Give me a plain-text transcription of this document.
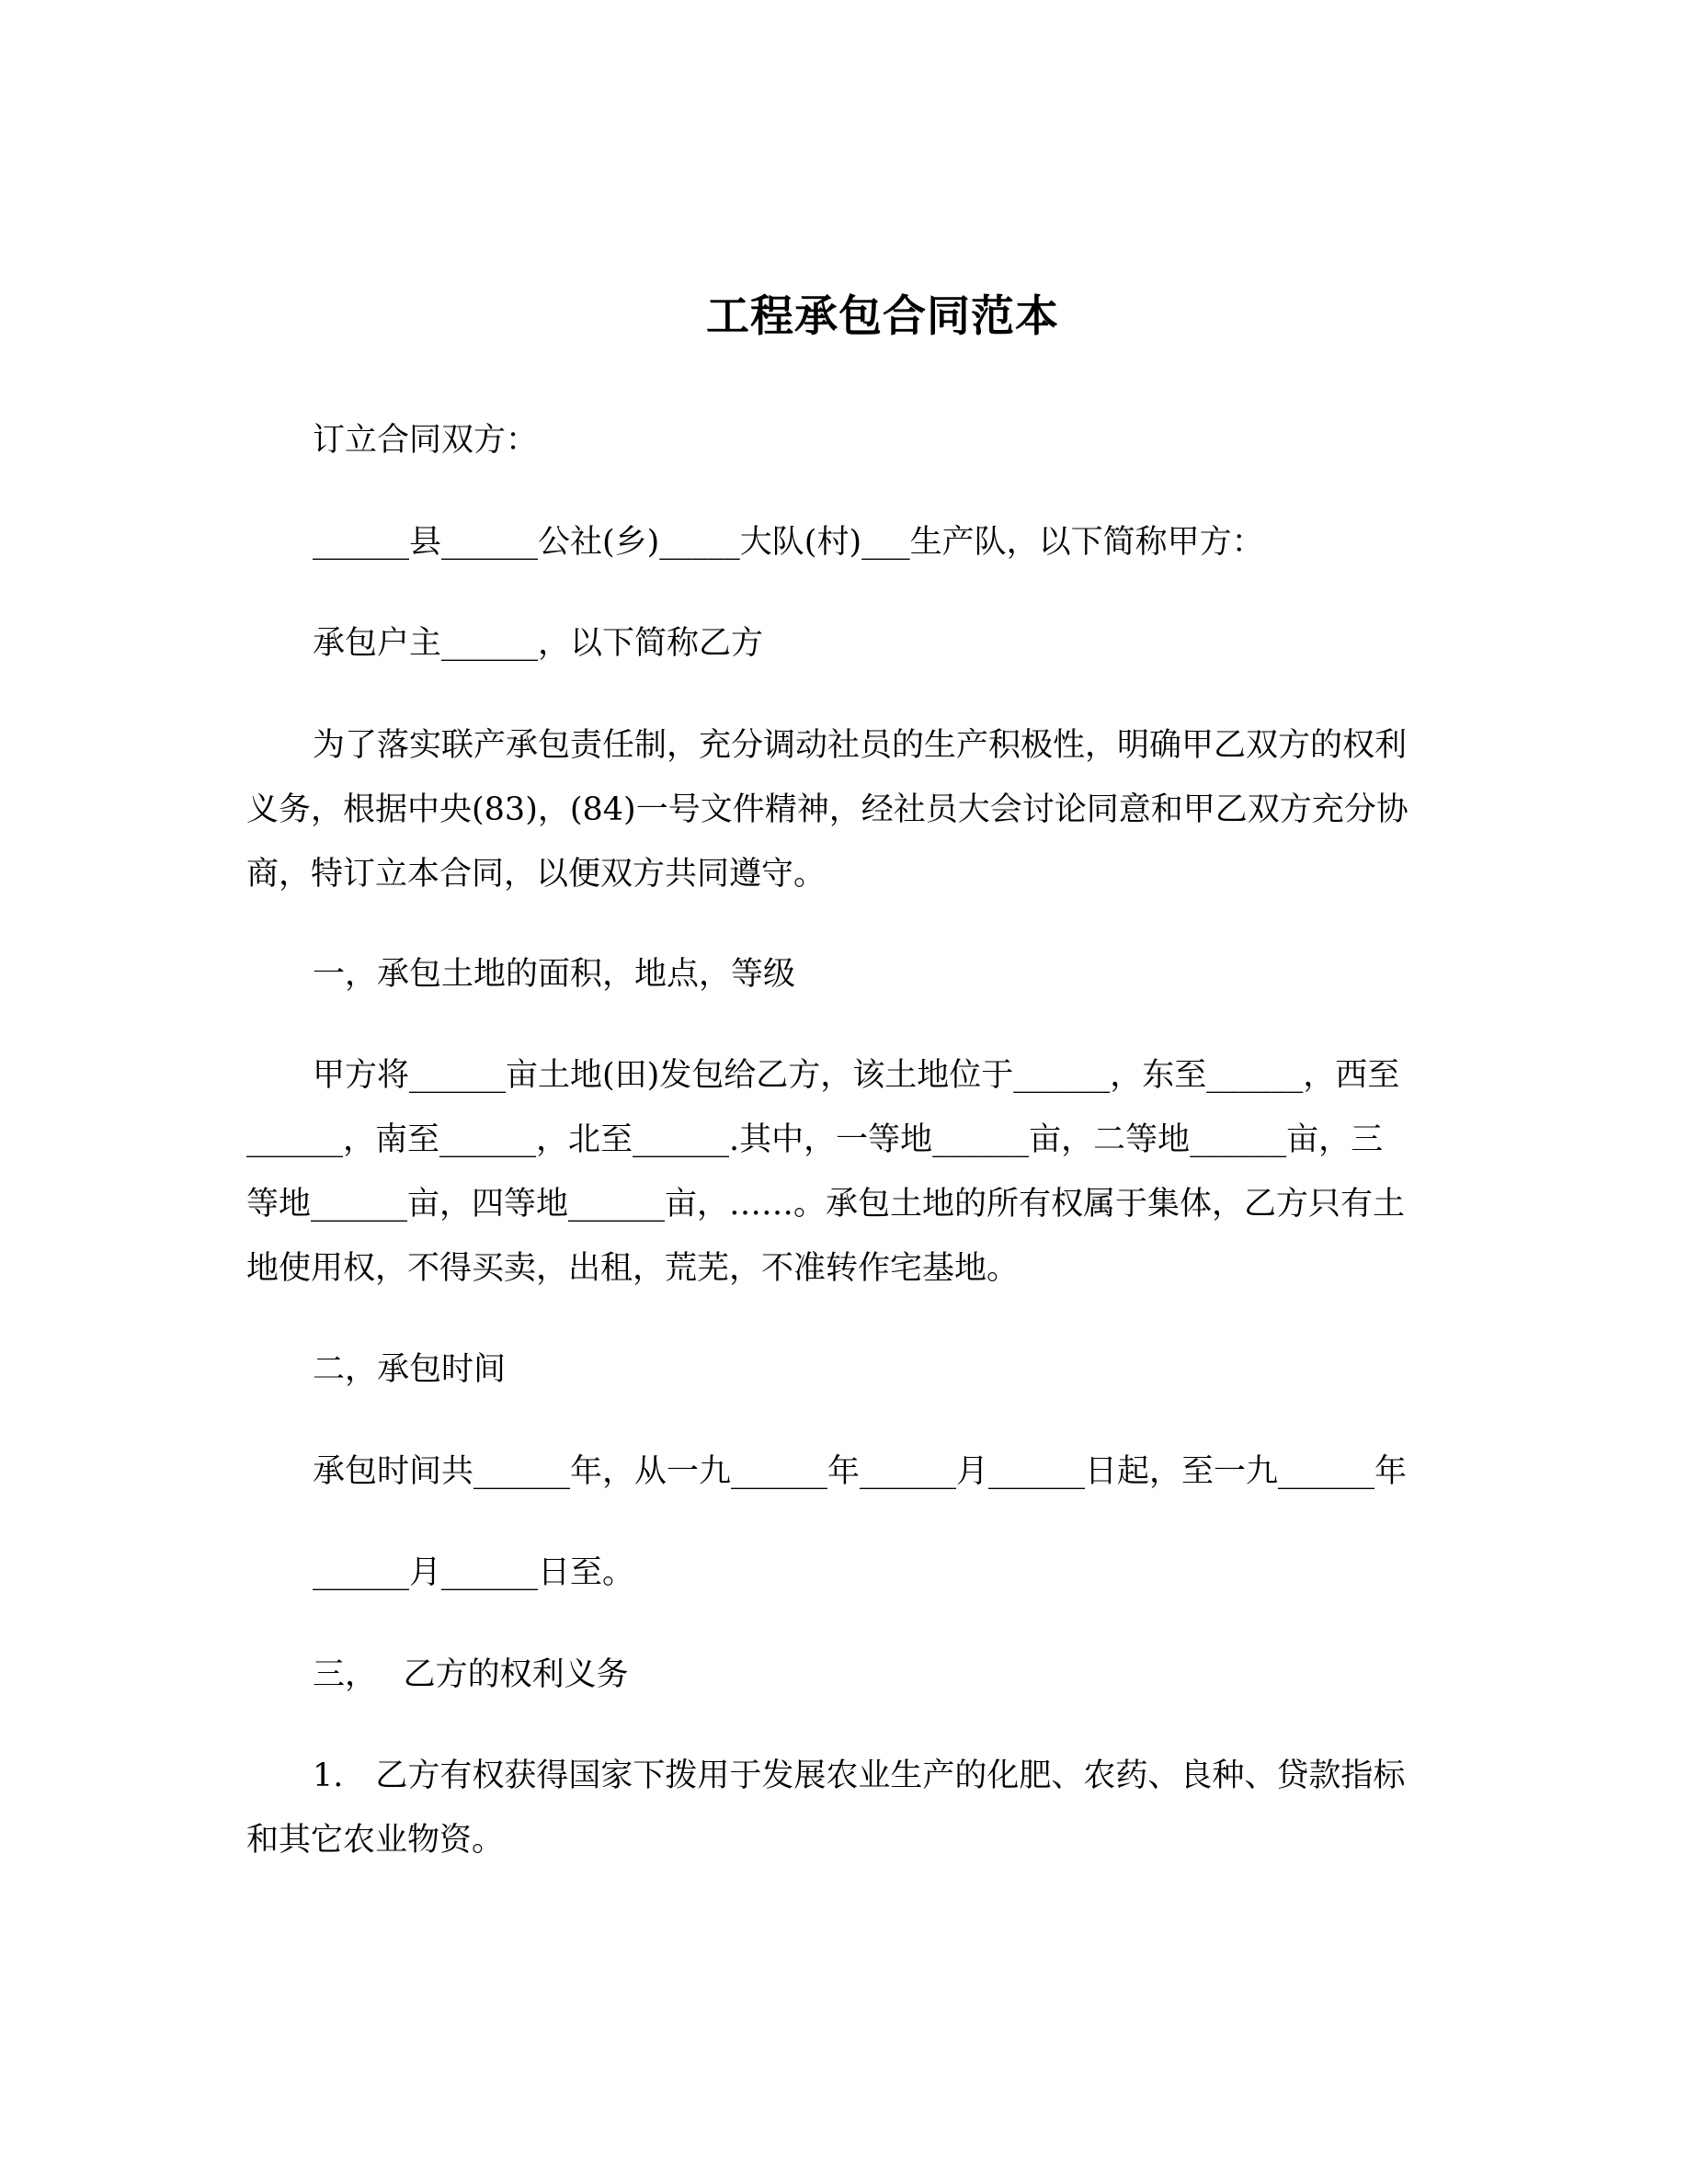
工程承包合同范本
订立合同双方：
______县______公社(乡)_____大队(村)___生产队，以下简称甲方：
承包户主______，以下简称乙方
为了落实联产承包责任制，充分调动社员的生产积极性，明确甲乙双方的权利
义务，根据中央(83)，(84)一号文件精神，经社员大会讨论同意和甲乙双方充分协
商，特订立本合同，以便双方共同遵守。
一，承包土地的面积，地点，等级
甲方将______亩土地(田)发包给乙方，该土地位于______，东至______，西至
______，南至______，北至______.其中，一等地______亩，二等地______亩，三
等地______亩，四等地______亩，……。承包土地的所有权属于集体，乙方只有土
地使用权，不得买卖，出租，荒芜，不准转作宅基地。
二，承包时间
承包时间共______年，从一九______年______月______日起，至一九______年
______月______日至。
三，　 乙方的权利义务
1.　乙方有权获得国家下拨用于发展农业生产的化肥、农药、良种、贷款指标
和其它农业物资。
